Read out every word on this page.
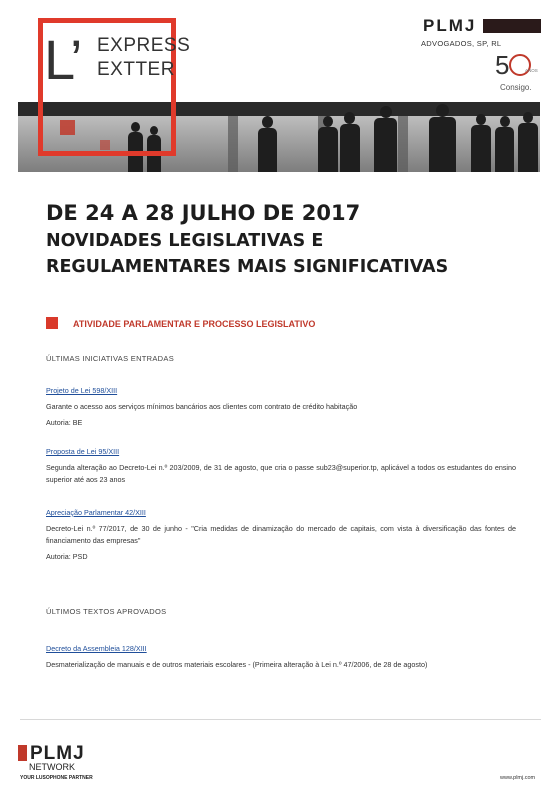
L’ EXPRESS
EXTTER
PLMJ
ADVOGADOS, SP, RL
5	ANOS
Consigo.
DE 24 A 28 JULHO DE 2017
NOVIDADES LEGISLATIVAS E
REGULAMENTARES MAIS SIGNIFICATIVAS
ATIVIDADE PARLAMENTAR E PROCESSO LEGISLATIVO
ÚLTIMAS INICIATIVAS ENTRADAS
Projeto de Lei 598/XIII
Garante o acesso aos serviços mínimos bancários aos clientes com contrato de crédito habitação
Autoria: BE
Proposta de Lei 95/XIII
Segunda alteração ao Decreto-Lei n.º 203/2009, de 31 de agosto, que cria o passe sub23@superior.tp, aplicável a todos os estudantes do ensino superior até aos 23 anos
Apreciação Parlamentar 42/XIII
Decreto-Lei n.º 77/2017, de 30 de junho - "Cria medidas de dinamização do mercado de capitais, com vista à diversificação das fontes de financiamento das empresas"
Autoria: PSD
ÚLTIMOS TEXTOS APROVADOS
Decreto da Assembleia 128/XIII
Desmaterialização de manuais e de outros materiais escolares - (Primeira alteração à Lei n.º 47/2006, de 28 de agosto)
PLMJ
NETWORK
YOUR LUSOPHONE PARTNER	www.plmj.com
